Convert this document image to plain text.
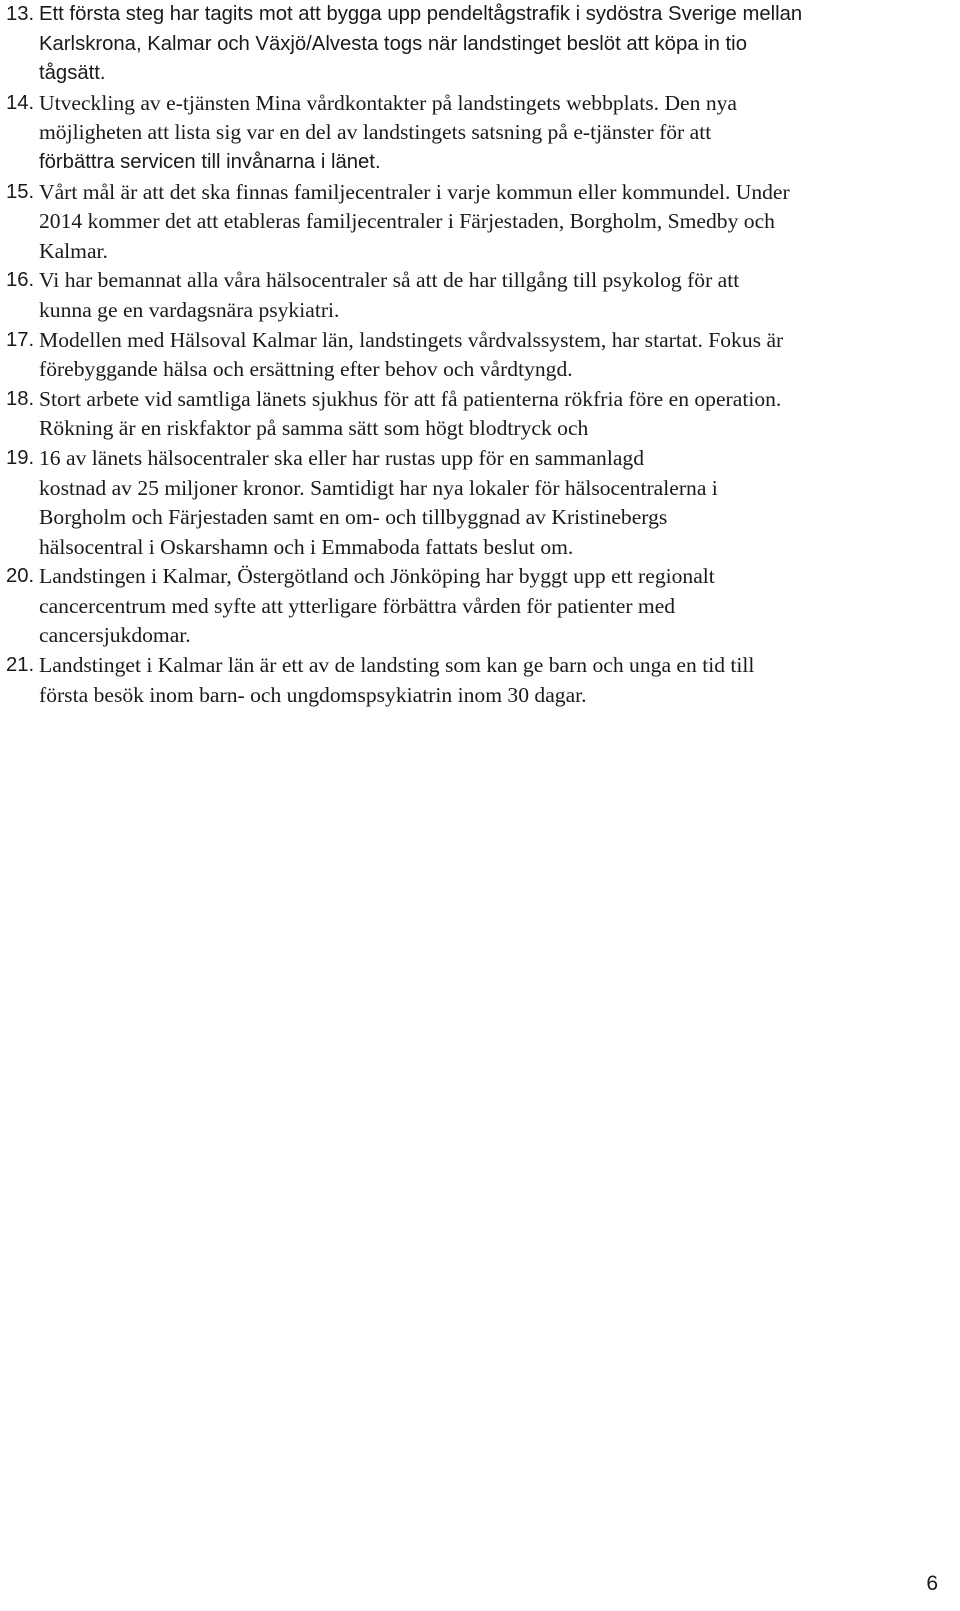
13. Ett första steg har tagits mot att bygga upp pendeltågstrafik i sydöstra Sverige mellan
Karlskrona, Kalmar och Växjö/Alvesta togs när landstinget beslöt att köpa in tio
tågsätt.
14. Utveckling av e-tjänsten Mina vårdkontakter på landstingets webbplats. Den nya
möjligheten att lista sig var en del av landstingets satsning på e-tjänster för att
förbättra servicen till invånarna i länet.
15. Vårt mål är att det ska finnas familjecentraler i varje kommun eller kommundel. Under
2014 kommer det att etableras familjecentraler i Färjestaden, Borgholm, Smedby och
Kalmar.
16. Vi har bemannat alla våra hälsocentraler så att de har tillgång till psykolog för att
kunna ge en vardagsnära psykiatri.
17. Modellen med Hälsoval Kalmar län, landstingets vårdvalssystem, har startat. Fokus är
förebyggande hälsa och ersättning efter behov och vårdtyngd.
18. Stort arbete vid samtliga länets sjukhus för att få patienterna rökfria före en operation.
Rökning är en riskfaktor på samma sätt som högt blodtryck och
19. 16 av länets hälsocentraler ska eller har rustas upp för en sammanlagd
kostnad av 25 miljoner kronor. Samtidigt har nya lokaler för hälsocentralerna i
Borgholm och Färjestaden samt en om- och tillbyggnad av Kristinebergs
hälsocentral i Oskarshamn och i Emmaboda fattats beslut om.
20. Landstingen i Kalmar, Östergötland och Jönköping har byggt upp ett regionalt
cancercentrum med syfte att ytterligare förbättra vården för patienter med
cancersjukdomar.
21. Landstinget i Kalmar län är ett av de landsting som kan ge barn och unga en tid till
första besök inom barn- och ungdomspsykiatrin inom 30 dagar.
6
